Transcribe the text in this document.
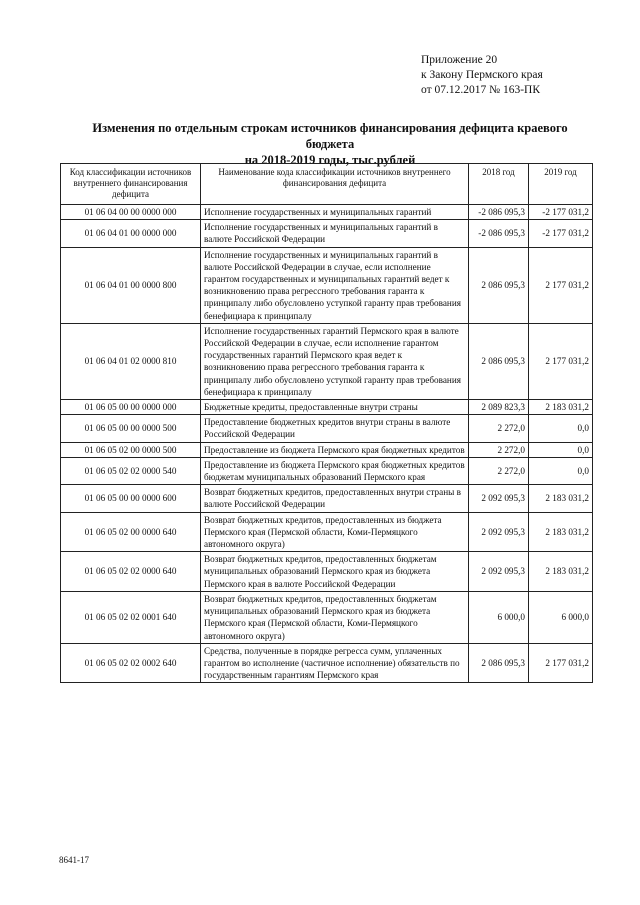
Приложение 20
к Закону Пермского края
от 07.12.2017 № 163-ПК
Изменения по отдельным строкам источников финансирования дефицита краевого бюджета
на 2018-2019 годы, тыс.рублей
Код классификации источников внутреннего финансирования дефицита	Наименование кода классификации источников внутреннего финансирования дефицита	2018 год	2019 год
01 06 04 00 00 0000 000	Исполнение государственных и муниципальных гарантий	-2 086 095,3	-2 177 031,2
01 06 04 01 00 0000 000	Исполнение государственных и муниципальных гарантий в валюте Российской Федерации	-2 086 095,3	-2 177 031,2
01 06 04 01 00 0000 800	Исполнение государственных и муниципальных гарантий в валюте Российской Федерации в случае, если исполнение гарантом государственных и муниципальных гарантий ведет к возникновению права регрессного требования гаранта к принципалу либо обусловлено уступкой гаранту прав требования бенефициара к принципалу	2 086 095,3	2 177 031,2
01 06 04 01 02 0000 810	Исполнение государственных гарантий Пермского края в валюте Российской Федерации в случае, если исполнение гарантом государственных гарантий Пермского края ведет к возникновению права регрессного требования гаранта к принципалу либо обусловлено уступкой гаранту прав требования бенефициара к принципалу	2 086 095,3	2 177 031,2
01 06 05 00 00 0000 000	Бюджетные кредиты, предоставленные внутри страны	2 089 823,3	2 183 031,2
01 06 05 00 00 0000 500	Предоставление бюджетных кредитов внутри страны в валюте Российской Федерации	2 272,0	0,0
01 06 05 02 00 0000 500	Предоставление из бюджета Пермского края бюджетных кредитов	2 272,0	0,0
01 06 05 02 02 0000 540	Предоставление из бюджета Пермского края бюджетных кредитов бюджетам муниципальных образований Пермского края	2 272,0	0,0
01 06 05 00 00 0000 600	Возврат бюджетных кредитов, предоставленных внутри страны в валюте Российской Федерации	2 092 095,3	2 183 031,2
01 06 05 02 00 0000 640	Возврат бюджетных кредитов, предоставленных из бюджета Пермского края (Пермской области, Коми-Пермяцкого автономного округа)	2 092 095,3	2 183 031,2
01 06 05 02 02 0000 640	Возврат бюджетных кредитов, предоставленных бюджетам муниципальных образований Пермского края из бюджета Пермского края в валюте Российской Федерации	2 092 095,3	2 183 031,2
01 06 05 02 02 0001 640	Возврат бюджетных кредитов, предоставленных бюджетам муниципальных образований Пермского края из бюджета Пермского края (Пермской области, Коми-Пермяцкого автономного округа)	6 000,0	6 000,0
01 06 05 02 02 0002 640	Средства, полученные в порядке регресса сумм, уплаченных гарантом во исполнение (частичное исполнение) обязательств по государственным гарантиям Пермского края	2 086 095,3	2 177 031,2
8641-17
